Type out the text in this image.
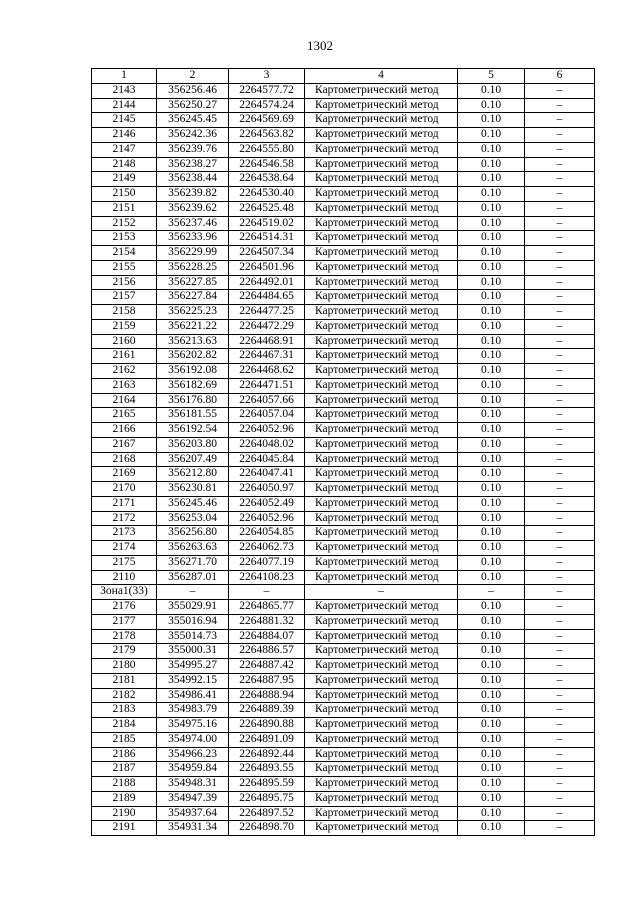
1302
1	2	3	4	5	6
2143	356256.46	2264577.72	Картометрический метод	0.10	–
2144	356250.27	2264574.24	Картометрический метод	0.10	–
2145	356245.45	2264569.69	Картометрический метод	0.10	–
2146	356242.36	2264563.82	Картометрический метод	0.10	–
2147	356239.76	2264555.80	Картометрический метод	0.10	–
2148	356238.27	2264546.58	Картометрический метод	0.10	–
2149	356238.44	2264538.64	Картометрический метод	0.10	–
2150	356239.82	2264530.40	Картометрический метод	0.10	–
2151	356239.62	2264525.48	Картометрический метод	0.10	–
2152	356237.46	2264519.02	Картометрический метод	0.10	–
2153	356233.96	2264514.31	Картометрический метод	0.10	–
2154	356229.99	2264507.34	Картометрический метод	0.10	–
2155	356228.25	2264501.96	Картометрический метод	0.10	–
2156	356227.85	2264492.01	Картометрический метод	0.10	–
2157	356227.84	2264484.65	Картометрический метод	0.10	–
2158	356225.23	2264477.25	Картометрический метод	0.10	–
2159	356221.22	2264472.29	Картометрический метод	0.10	–
2160	356213.63	2264468.91	Картометрический метод	0.10	–
2161	356202.82	2264467.31	Картометрический метод	0.10	–
2162	356192.08	2264468.62	Картометрический метод	0.10	–
2163	356182.69	2264471.51	Картометрический метод	0.10	–
2164	356176.80	2264057.66	Картометрический метод	0.10	–
2165	356181.55	2264057.04	Картометрический метод	0.10	–
2166	356192.54	2264052.96	Картометрический метод	0.10	–
2167	356203.80	2264048.02	Картометрический метод	0.10	–
2168	356207.49	2264045.84	Картометрический метод	0.10	–
2169	356212.80	2264047.41	Картометрический метод	0.10	–
2170	356230.81	2264050.97	Картометрический метод	0.10	–
2171	356245.46	2264052.49	Картометрический метод	0.10	–
2172	356253.04	2264052.96	Картометрический метод	0.10	–
2173	356256.80	2264054.85	Картометрический метод	0.10	–
2174	356263.63	2264062.73	Картометрический метод	0.10	–
2175	356271.70	2264077.19	Картометрический метод	0.10	–
2110	356287.01	2264108.23	Картометрический метод	0.10	–
Зона1(33)	–	–	–	–	–
2176	355029.91	2264865.77	Картометрический метод	0.10	–
2177	355016.94	2264881.32	Картометрический метод	0.10	–
2178	355014.73	2264884.07	Картометрический метод	0.10	–
2179	355000.31	2264886.57	Картометрический метод	0.10	–
2180	354995.27	2264887.42	Картометрический метод	0.10	–
2181	354992.15	2264887.95	Картометрический метод	0.10	–
2182	354986.41	2264888.94	Картометрический метод	0.10	–
2183	354983.79	2264889.39	Картометрический метод	0.10	–
2184	354975.16	2264890.88	Картометрический метод	0.10	–
2185	354974.00	2264891.09	Картометрический метод	0.10	–
2186	354966.23	2264892.44	Картометрический метод	0.10	–
2187	354959.84	2264893.55	Картометрический метод	0.10	–
2188	354948.31	2264895.59	Картометрический метод	0.10	–
2189	354947.39	2264895.75	Картометрический метод	0.10	–
2190	354937.64	2264897.52	Картометрический метод	0.10	–
2191	354931.34	2264898.70	Картометрический метод	0.10	–
